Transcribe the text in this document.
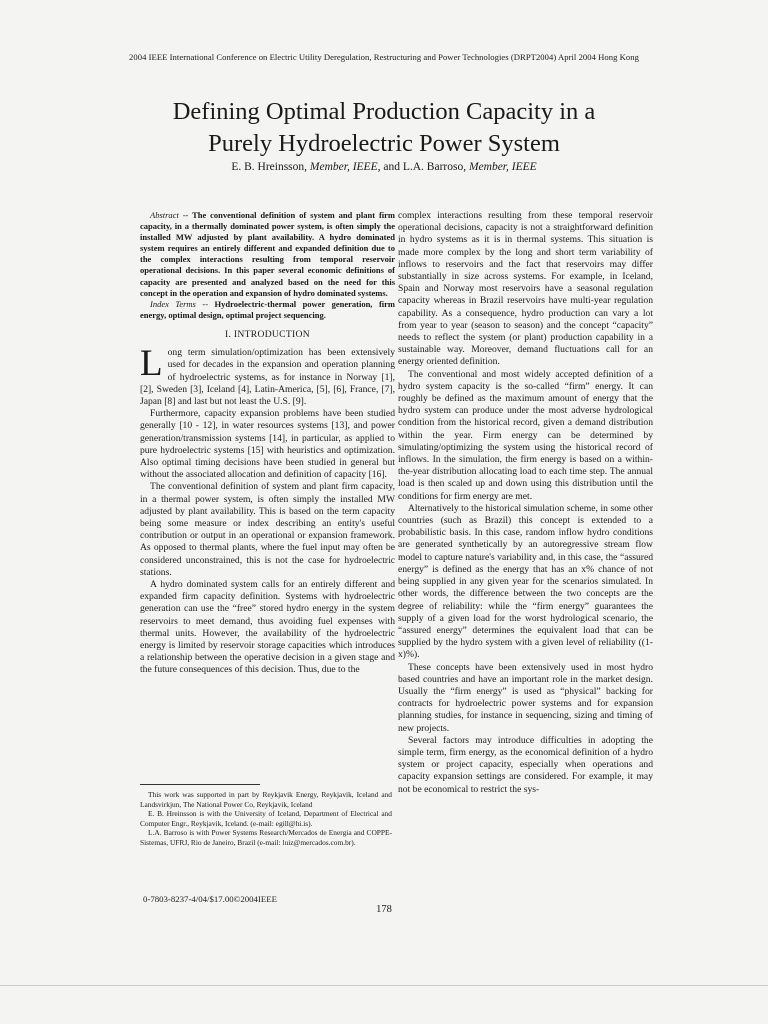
2004 IEEE International Conference on Electric Utility Deregulation, Restructuring and Power Technologies (DRPT2004) April 2004 Hong Kong
Defining Optimal Production Capacity in a
Purely Hydroelectric Power System
E. B. Hreinsson, Member, IEEE, and L.A. Barroso, Member, IEEE
Abstract -- The conventional definition of system and plant firm capacity, in a thermally dominated power system, is often simply the installed MW adjusted by plant availability. A hydro dominated system requires an entirely different and expanded definition due to the complex interactions resulting from temporal reservoir operational decisions. In this paper several economic definitions of capacity are presented and analyzed based on the need for this concept in the operation and expansion of hydro dominated systems.
Index Terms -- Hydroelectric-thermal power generation, firm energy, optimal design, optimal project sequencing.
I. INTRODUCTION

Long term simulation/optimization has been extensively used for decades in the expansion and operation planning of hydroelectric systems, as for instance in Norway [1], [2], Sweden [3], Iceland [4], Latin-America, [5], [6], France, [7], Japan [8] and last but not least the U.S. [9].

Furthermore, capacity expansion problems have been studied generally [10 - 12], in water resources systems [13], and power generation/transmission systems [14], in particular, as applied to pure hydroelectric systems [15] with heuristics and optimization. Also optimal timing decisions have been studied in general but without the associated allocation and definition of capacity [16].

The conventional definition of system and plant firm capacity, in a thermal power system, is often simply the installed MW adjusted by plant availability. This is based on the term capacity being some measure or index describing an entity's useful contribution or output in an operational or expansion framework. As opposed to thermal plants, where the fuel input may often be considered unconstrained, this is not the case for hydroelectric stations.

A hydro dominated system calls for an entirely different and expanded firm capacity definition. Systems with hydroelectric generation can use the “free” stored hydro energy in the system reservoirs to meet demand, thus avoiding fuel expenses with thermal units. However, the availability of the hydroelectric energy is limited by reservoir storage capacities which introduces a relationship between the operative decision in a given stage and the future consequences of this decision. Thus, due to the

complex interactions resulting from these temporal reservoir operational decisions, capacity is not a straightforward definition in hydro systems as it is in thermal systems. This situation is made more complex by the long and short term variability of inflows to reservoirs and the fact that reservoirs may differ substantially in size across systems. For example, in Iceland, Spain and Norway most reservoirs have a seasonal regulation capacity whereas in Brazil reservoirs have multi-year regulation capability. As a consequence, hydro production can vary a lot from year to year (season to season) and the concept “capacity” needs to reflect the system (or plant) production capability in a sustainable way. Moreover, demand fluctuations call for an energy oriented definition.

The conventional and most widely accepted definition of a hydro system capacity is the so-called “firm” energy. It can roughly be defined as the maximum amount of energy that the hydro system can produce under the most adverse hydrological condition from the historical record, given a demand distribution within the year. Firm energy can be determined by simulating/optimizing the system using the historical record of inflows. In the simulation, the firm energy is based on a within-the-year distribution allocating load to each time step. The annual load is then scaled up and down using this distribution until the conditions for firm energy are met.

Alternatively to the historical simulation scheme, in some other countries (such as Brazil) this concept is extended to a probabilistic basis. In this case, random inflow hydro conditions are generated synthetically by an autoregressive stream flow model to capture nature's variability and, in this case, the “assured energy” is defined as the energy that has an x% chance of not being supplied in any given year for the scenarios simulated. In other words, the difference between the two concepts are the degree of reliability: while the “firm energy” guarantees the supply of a given load for the worst hydrological scenario, the “assured energy” determines the equivalent load that can be supplied by the hydro system with a given level of reliability ((1-x)%).

These concepts have been extensively used in most hydro based countries and have an important role in the market design. Usually the “firm energy” is used as “physical” backing for contracts for hydroelectric power systems and for expansion planning studies, for instance in sequencing, sizing and timing of new projects.

Several factors may introduce difficulties in adopting the simple term, firm energy, as the economical definition of a hydro system or project capacity, especially when operations and capacity expansion settings are considered. For example, it may not be economical to restrict the sys-

This work was supported in part by Reykjavik Energy, Reykjavik, Iceland and Landsvirkjun, The National Power Co, Reykjavik, Iceland

E. B. Hreinsson is with the University of Iceland, Department of Electrical and Computer Engr., Reykjavik, Iceland. (e-mail: egill@hi.is).

L.A. Barroso is with Power Systems Research/Mercados de Energia and COPPE-Sistemas, UFRJ, Rio de Janeiro, Brazil (e-mail: luiz@mercados.com.br).

0-7803-8237-4/04/$17.00©2004IEEE
178
